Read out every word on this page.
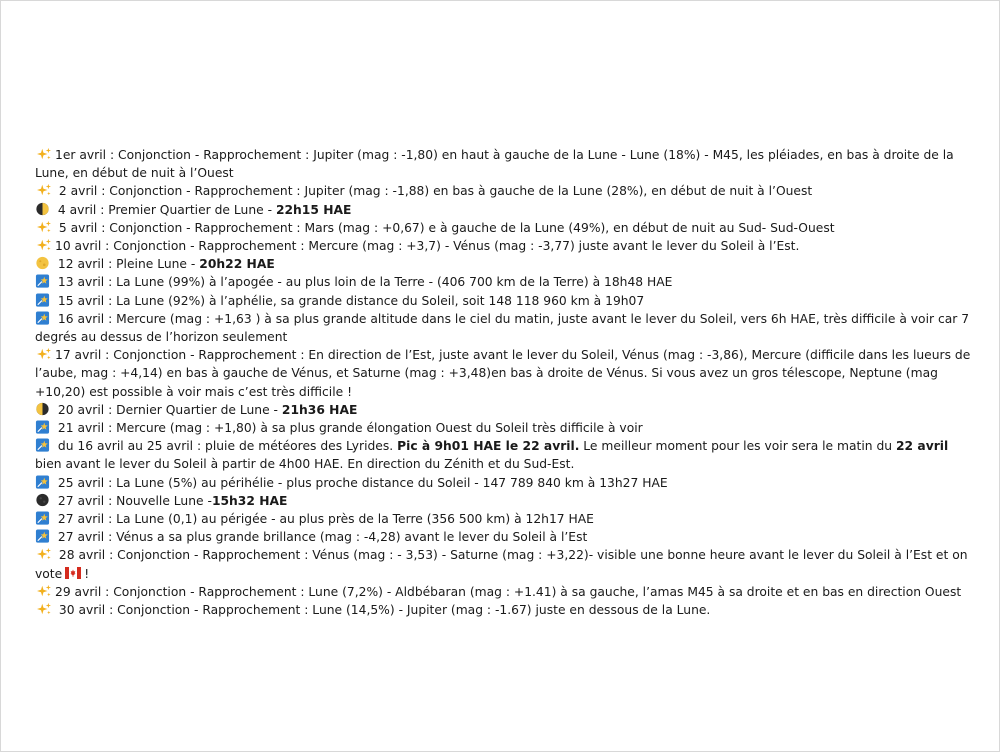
1er avril : Conjonction - Rapprochement : Jupiter (mag : -1,80) en haut à gauche de la Lune - Lune (18%) - M45, les pléiades, en bas à droite de la Lune, en début de nuit à l’Ouest

2 avril : Conjonction - Rapprochement : Jupiter (mag : -1,88) en bas à gauche de la Lune (28%), en début de nuit à l’Ouest

4 avril : Premier Quartier de Lune - 22h15 HAE

5 avril : Conjonction - Rapprochement : Mars (mag : +0,67) e à gauche de la Lune (49%), en début de nuit au Sud- Sud-Ouest

10 avril : Conjonction - Rapprochement : Mercure (mag : +3,7) - Vénus (mag : -3,77) juste avant le lever du Soleil à l’Est.

12 avril : Pleine Lune - 20h22 HAE

13 avril : La Lune (99%) à l’apogée - au plus loin de la Terre - (406 700 km de la Terre) à 18h48 HAE

15 avril : La Lune (92%) à l’aphélie, sa grande distance du Soleil, soit 148 118 960 km à 19h07

16 avril : Mercure (mag : +1,63 ) à sa plus grande altitude dans le ciel du matin, juste avant le lever du Soleil, vers 6h HAE, très difficile à voir car 7 degrés au dessus de l’horizon seulement

17 avril : Conjonction - Rapprochement : En direction de l’Est, juste avant le lever du Soleil, Vénus (mag : -3,86), Mercure (difficile dans les lueurs de l’aube, mag : +4,14) en bas à gauche de Vénus, et Saturne (mag : +3,48)en bas à droite de Vénus. Si vous avez un gros télescope, Neptune (mag +10,20) est possible à voir mais c’est très difficile !

20 avril : Dernier Quartier de Lune - 21h36 HAE

21 avril : Mercure (mag : +1,80) à sa plus grande élongation Ouest du Soleil très difficile à voir

du 16 avril au 25 avril : pluie de météores des Lyrides. Pic à 9h01 HAE le 22 avril. Le meilleur moment pour les voir sera le matin du 22 avril bien avant le lever du Soleil à partir de 4h00 HAE. En direction du Zénith et du Sud-Est.

25 avril : La Lune (5%) au périhélie - plus proche distance du Soleil - 147 789 840 km à 13h27 HAE

27 avril : Nouvelle Lune -15h32 HAE

27 avril : La Lune (0,1) au périgée - au plus près de la Terre (356 500 km) à 12h17 HAE

27 avril : Vénus a sa plus grande brillance (mag : -4,28) avant le lever du Soleil à l’Est

28 avril : Conjonction - Rapprochement : Vénus (mag : - 3,53) - Saturne (mag : +3,22)- visible une bonne heure avant le lever du Soleil à l’Est et on vote !

29 avril : Conjonction - Rapprochement : Lune (7,2%) - Aldbébaran (mag : +1.41) à sa gauche, l’amas M45 à sa droite et en bas en direction Ouest

30 avril : Conjonction - Rapprochement : Lune (14,5%) - Jupiter (mag : -1.67) juste en dessous de la Lune.
